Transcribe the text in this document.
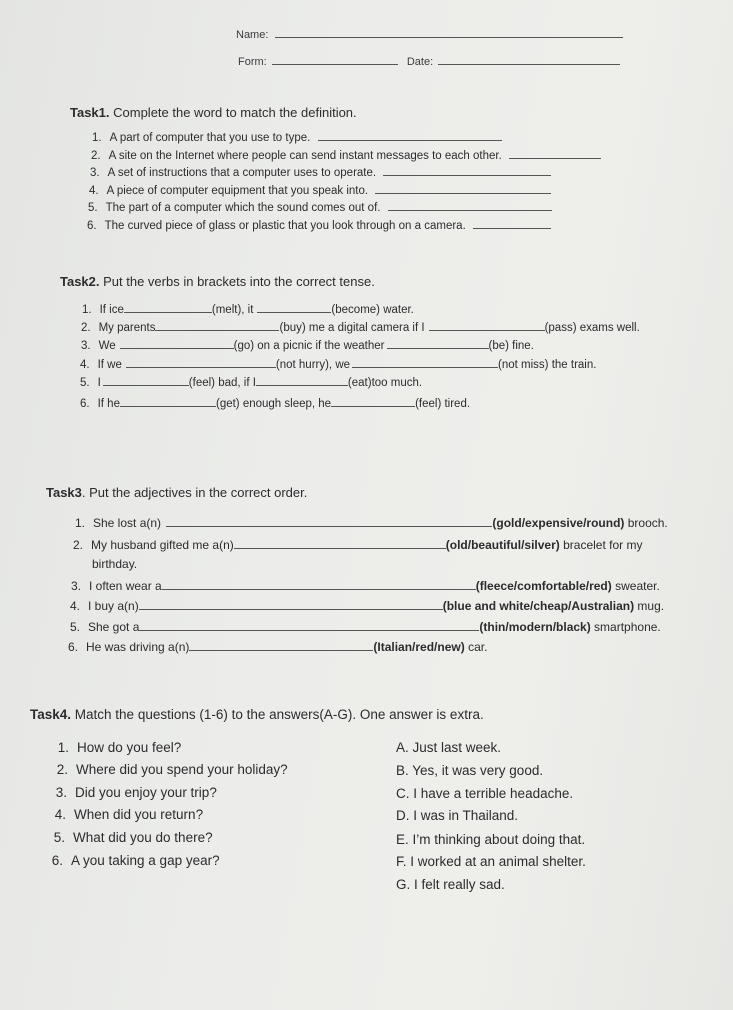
Name:
Form:	Date:
Task1. Complete the word to match the definition.
1. A part of computer that you use to type.
2. A site on the Internet where people can send instant messages to each other.
3. A set of instructions that a computer uses to operate.
4. A piece of computer equipment that you speak into.
5. The part of a computer which the sound comes out of.
6. The curved piece of glass or plastic that you look through on a camera.
Task2. Put the verbs in brackets into the correct tense.
1. If ice	(melt), it	(become) water.
2. My parents	(buy) me a digital camera if I	(pass) exams well.
3. We	(go) on a picnic if the weather	(be) fine.
4. If we	(not hurry), we	(not miss) the train.
5. I	(feel) bad, if I	(eat)too much.
6. If he	(get) enough sleep, he	(feel) tired.
Task3. Put the adjectives in the correct order.
1. She lost a(n)	(gold/expensive/round) brooch.
2. My husband gifted me a(n)	(old/beautiful/silver) bracelet for my
birthday.
3. I often wear a	(fleece/comfortable/red) sweater.
4. I buy a(n)	(blue and white/cheap/Australian) mug.
5. She got a	(thin/modern/black) smartphone.
6. He was driving a(n)	(Italian/red/new) car.
Task4. Match the questions (1-6) to the answers(A-G). One answer is extra.
1. How do you feel?
2. Where did you spend your holiday?
3. Did you enjoy your trip?
4. When did you return?
5. What did you do there?
6. A you taking a gap year?
A. Just last week.
B. Yes, it was very good.
C. I have a terrible headache.
D. I was in Thailand.
E. I’m thinking about doing that.
F. I worked at an animal shelter.
G. I felt really sad.
